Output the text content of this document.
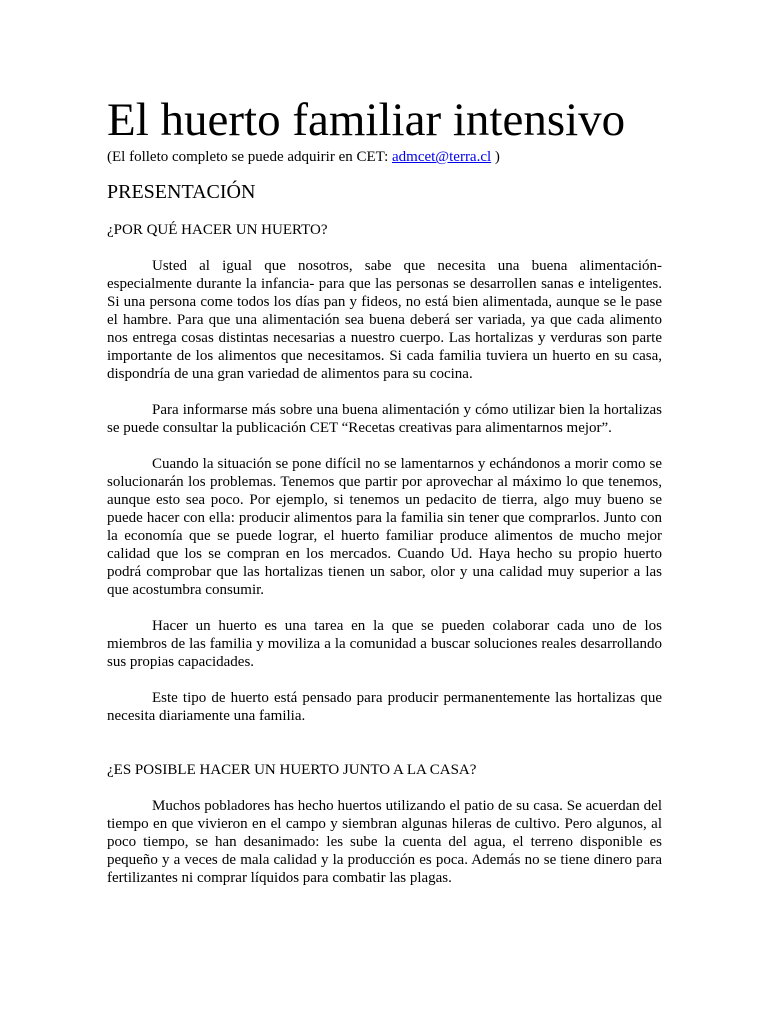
El huerto familiar intensivo

(El folleto completo se puede adquirir en CET: admcet@terra.cl )

PRESENTACIÓN

¿POR QUÉ HACER UN HUERTO?

Usted al igual que nosotros, sabe que necesita una buena alimentación- especialmente durante la infancia- para que las personas se desarrollen sanas e inteligentes. Si una persona come todos los días pan y fideos, no está bien alimentada, aunque se le pase el hambre. Para que una alimentación sea buena deberá ser variada, ya que cada alimento nos entrega cosas distintas necesarias a nuestro cuerpo. Las hortalizas y verduras son parte importante de los alimentos que necesitamos. Si cada familia tuviera un huerto en su casa, dispondría de una gran variedad de alimentos para su cocina.

Para informarse más sobre una buena alimentación y cómo utilizar bien la hortalizas se puede consultar la publicación CET “Recetas creativas para alimentarnos mejor”.

Cuando la situación se pone difícil no se lamentarnos y echándonos a morir como se solucionarán los problemas. Tenemos que partir por aprovechar al máximo lo que tenemos, aunque esto sea poco. Por ejemplo, si tenemos un pedacito de tierra, algo muy bueno se puede hacer con ella: producir alimentos para la familia sin tener que comprarlos. Junto con la economía que se puede lograr, el huerto familiar produce alimentos de mucho mejor calidad que los se compran en los mercados. Cuando Ud. Haya hecho su propio huerto podrá comprobar que las hortalizas tienen un sabor, olor y una calidad muy superior a las que acostumbra consumir.

Hacer un huerto es una tarea en la que se pueden colaborar cada uno de los miembros de las familia y moviliza a la comunidad a buscar soluciones reales desarrollando sus propias capacidades.

Este tipo de huerto está pensado para producir permanentemente las hortalizas que necesita diariamente una familia.

¿ES POSIBLE HACER UN HUERTO JUNTO A LA CASA?

Muchos pobladores has hecho huertos utilizando el patio de su casa. Se acuerdan del tiempo en que vivieron en el campo y siembran algunas hileras de cultivo. Pero algunos, al poco tiempo, se han desanimado: les sube la cuenta del agua, el terreno disponible es pequeño y a veces de mala calidad y la producción es poca. Además no se tiene dinero para fertilizantes ni comprar líquidos para combatir las plagas.
